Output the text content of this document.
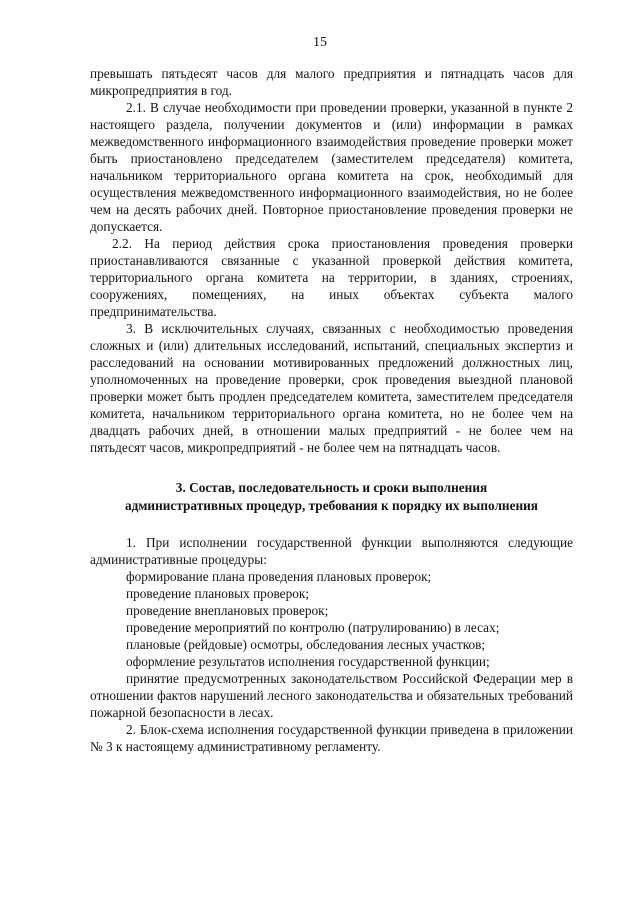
15

превышать пятьдесят часов для малого предприятия и пятнадцать часов для микропредприятия в год.

2.1. В случае необходимости при проведении проверки, указанной в пункте 2 настоящего раздела, получении документов и (или) информации в рамках межведомственного информационного взаимодействия проведение проверки может быть приостановлено председателем (заместителем председателя) комитета, начальником территориального органа комитета на срок, необходимый для осуществления межведомственного информационного взаимодействия, но не более чем на десять рабочих дней. Повторное приостановление проведения проверки не допускается.

2.2. На период действия срока приостановления проведения проверки приостанавливаются связанные с указанной проверкой действия комитета, территориального органа комитета на территории, в зданиях, строениях, сооружениях, помещениях, на иных объектах субъекта малого предпринимательства.

3. В исключительных случаях, связанных с необходимостью проведения сложных и (или) длительных исследований, испытаний, специальных экспертиз и расследований на основании мотивированных предложений должностных лиц, уполномоченных на проведение проверки, срок проведения выездной плановой проверки может быть продлен председателем комитета, заместителем председателя комитета, начальником территориального органа комитета, но не более чем на двадцать рабочих дней, в отношении малых предприятий - не более чем на пятьдесят часов, микропредприятий - не более чем на пятнадцать часов.

3. Состав, последовательность и сроки выполнения

административных процедур, требования к порядку их выполнения

1. При исполнении государственной функции выполняются следующие административные процедуры:

формирование плана проведения плановых проверок;

проведение плановых проверок;

проведение внеплановых проверок;

проведение мероприятий по контролю (патрулированию) в лесах;

плановые (рейдовые) осмотры, обследования лесных участков;

оформление результатов исполнения государственной функции;

принятие предусмотренных законодательством Российской Федерации мер в отношении фактов нарушений лесного законодательства и обязательных требований пожарной безопасности в лесах.

2. Блок-схема исполнения государственной функции приведена в приложении № 3 к настоящему административному регламенту.
